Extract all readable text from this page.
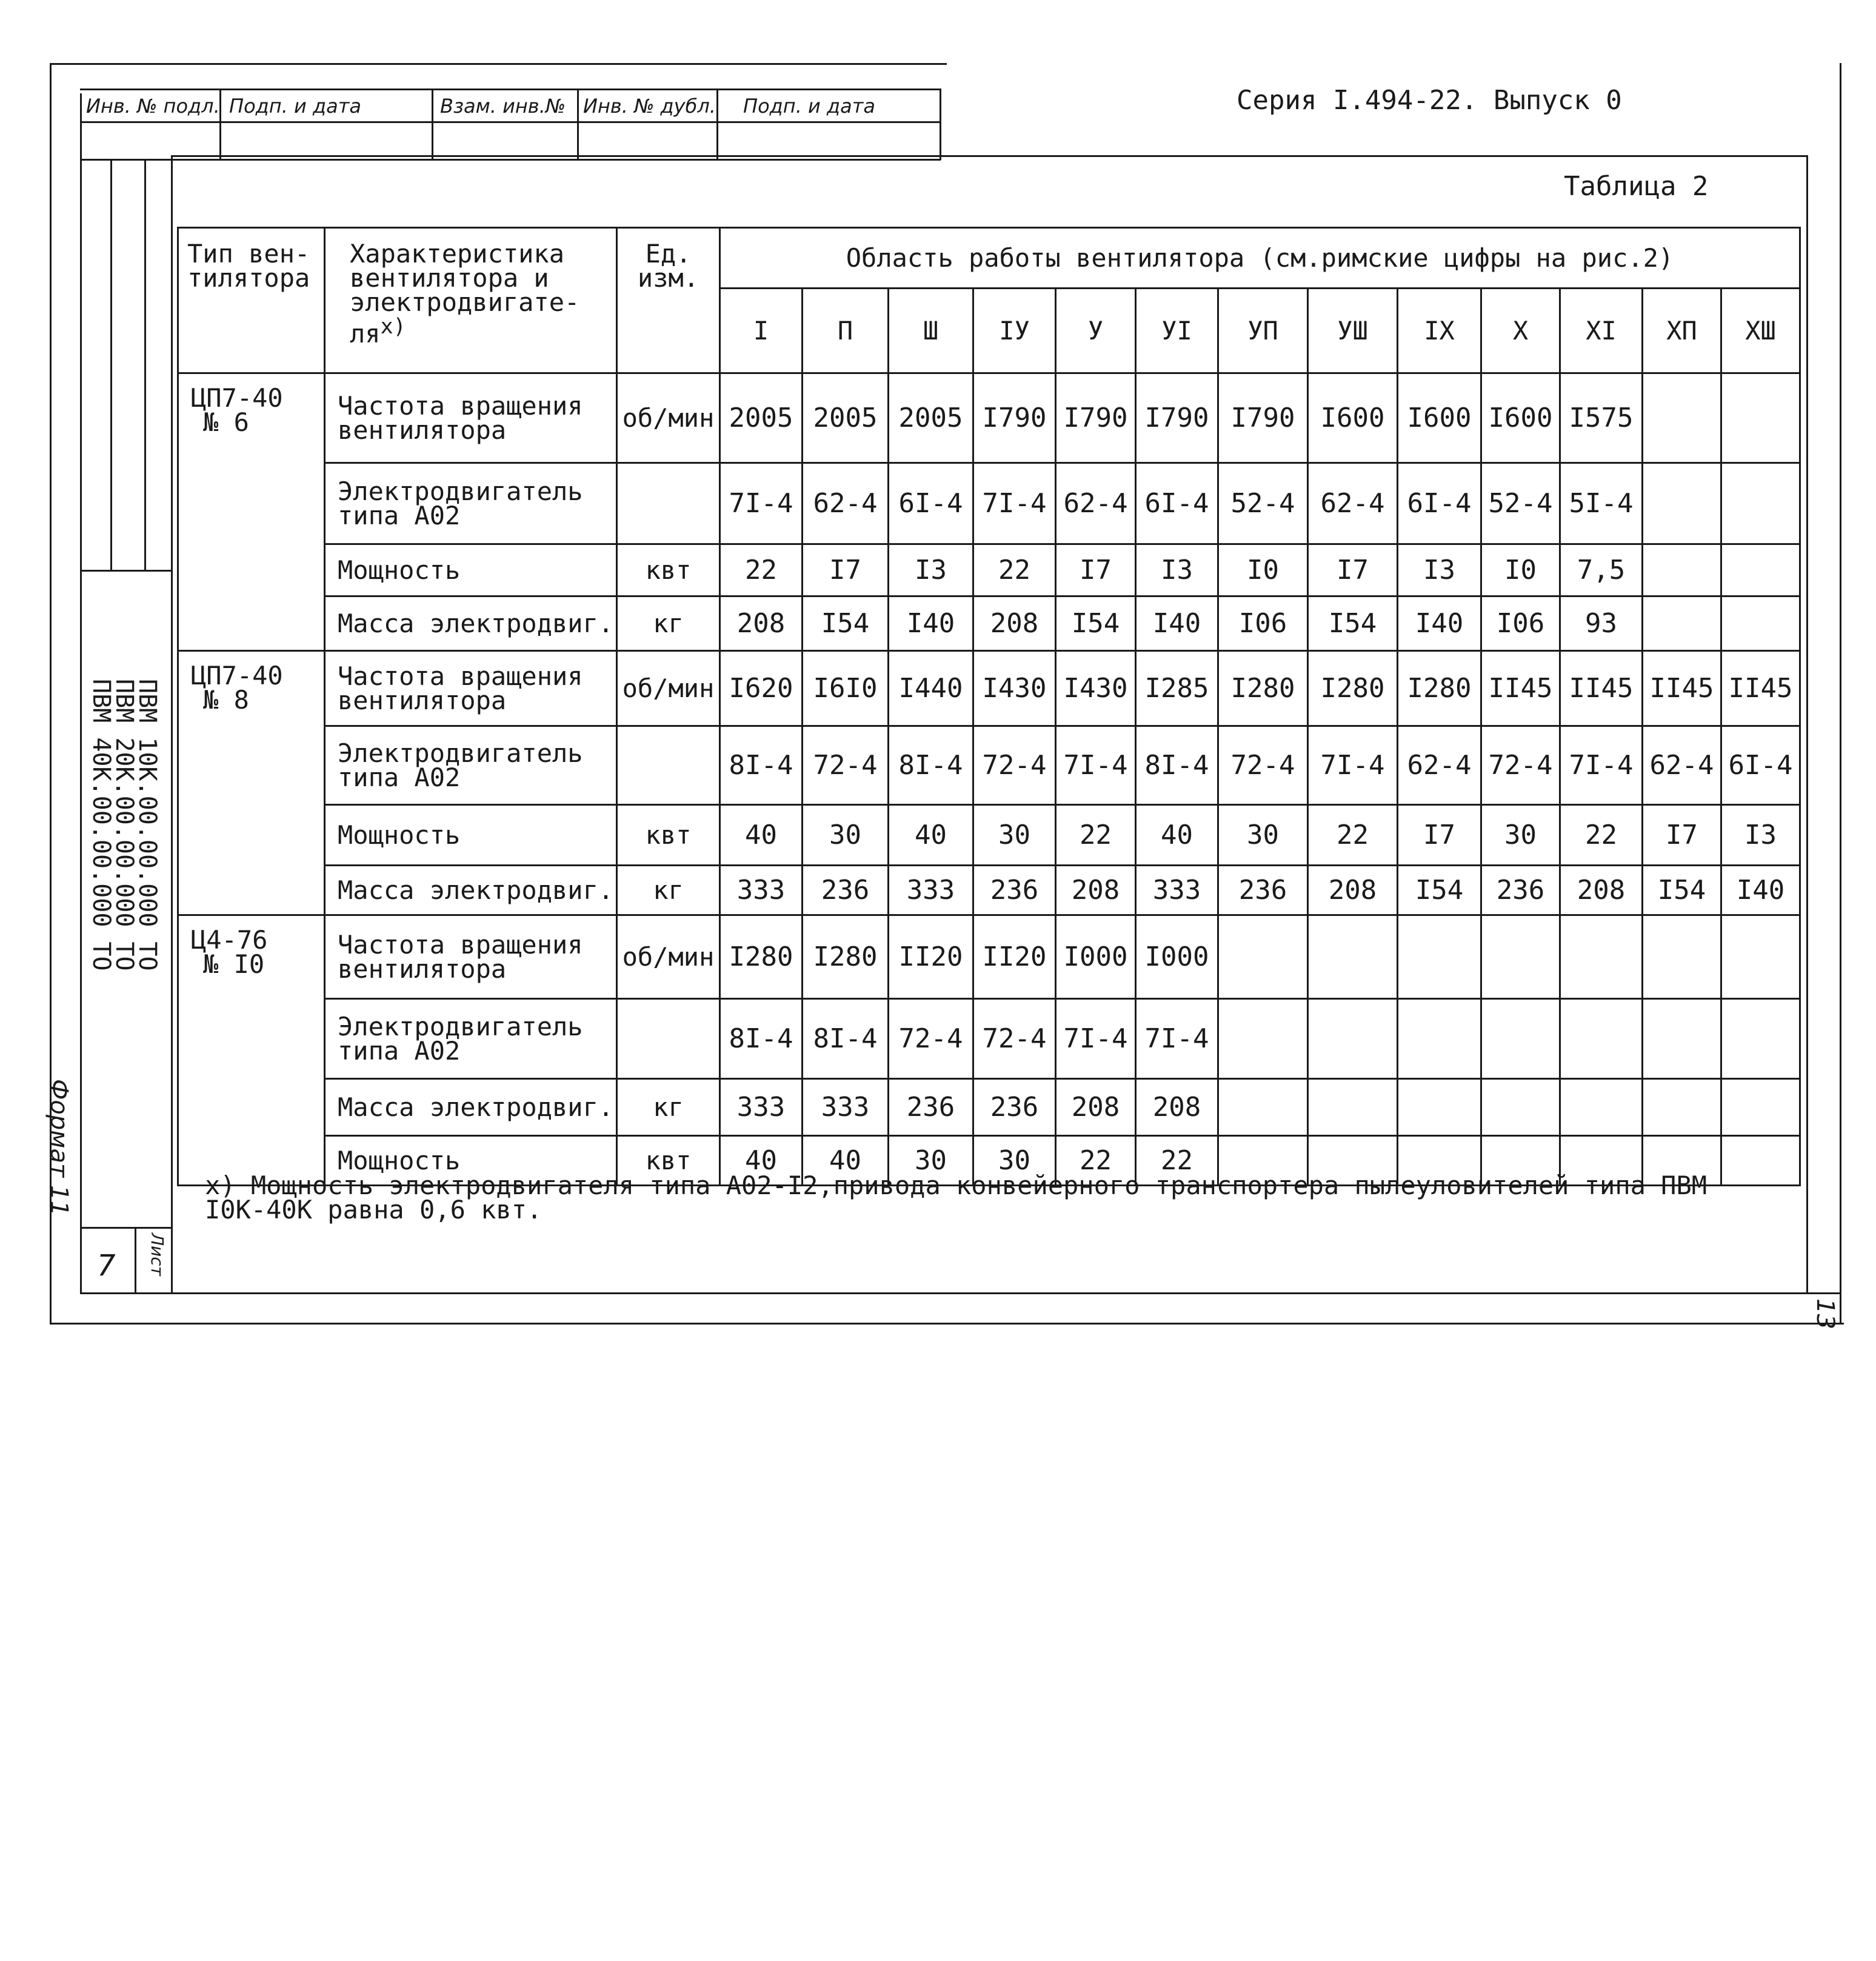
Инв. № подл. Подп. и дата	Взам. инв.№ Инв. № дубл. Подп. и дата
ПВМ 10К.00.00.000 ТО
ПВМ 20К.00.00.000 ТО
ПВМ 40К.00.00.000 ТО
Формат 11
Лист
7
Серия I.494-22. Выпуск 0
Таблица 2
Тип вен-тилятора	Характеристика вентилятора и электродвигате-$ля^{х)}$	Ед. изм.	Область работы вентилятора (см.римские цифры на рис.2)												
			I	П	Ш	IУ	У	УI	УП	УШ	IX	X	XI	XП	XШ

ЦП7-40
№ 6	Частота вращения вентилятора	об/мин	2005	2005	2005	I790	I790	I790	I790	I600	I600	I600	I575		
	Электродвигатель типа А02		7I-4	62-4	6I-4	7I-4	62-4	6I-4	52-4	62-4	6I-4	52-4	5I-4		
	Мощность	квт	22	I7	I3	22	I7	I3	I0	I7	I3	I0	7,5		
	Масса электродвиг.	кг	208	I54	I40	208	I54	I40	I06	I54	I40	I06	93		

ЦП7-40
№ 8	Частота вращения вентилятора	об/мин	I620	I6I0	I440	I430	I430	I285	I280	I280	I280	II45	II45	II45	II45
	Электродвигатель типа А02		8I-4	72-4	8I-4	72-4	7I-4	8I-4	72-4	7I-4	62-4	72-4	7I-4	62-4	6I-4
	Мощность	квт	40	30	40	30	22	40	30	22	I7	30	22	I7	I3
	Масса электродвиг.	кг	333	236	333	236	208	333	236	208	I54	236	208	I54	I40

Ц4-76
№ I0	Частота вращения вентилятора	об/мин	I280	I280	II20	II20	I000	I000							
	Электродвигатель типа А02		8I-4	8I-4	72-4	72-4	7I-4	7I-4							
	Масса электродвиг.	кг	333	333	236	236	208	208							
	Мощность	квт	40	40	30	30	22	22							
х) Мощность электродвигателя типа А02-I2,привода конвейерного транспортера пылеуловителей типа ПВМ I0К-40К равна 0,6 квт.
13
